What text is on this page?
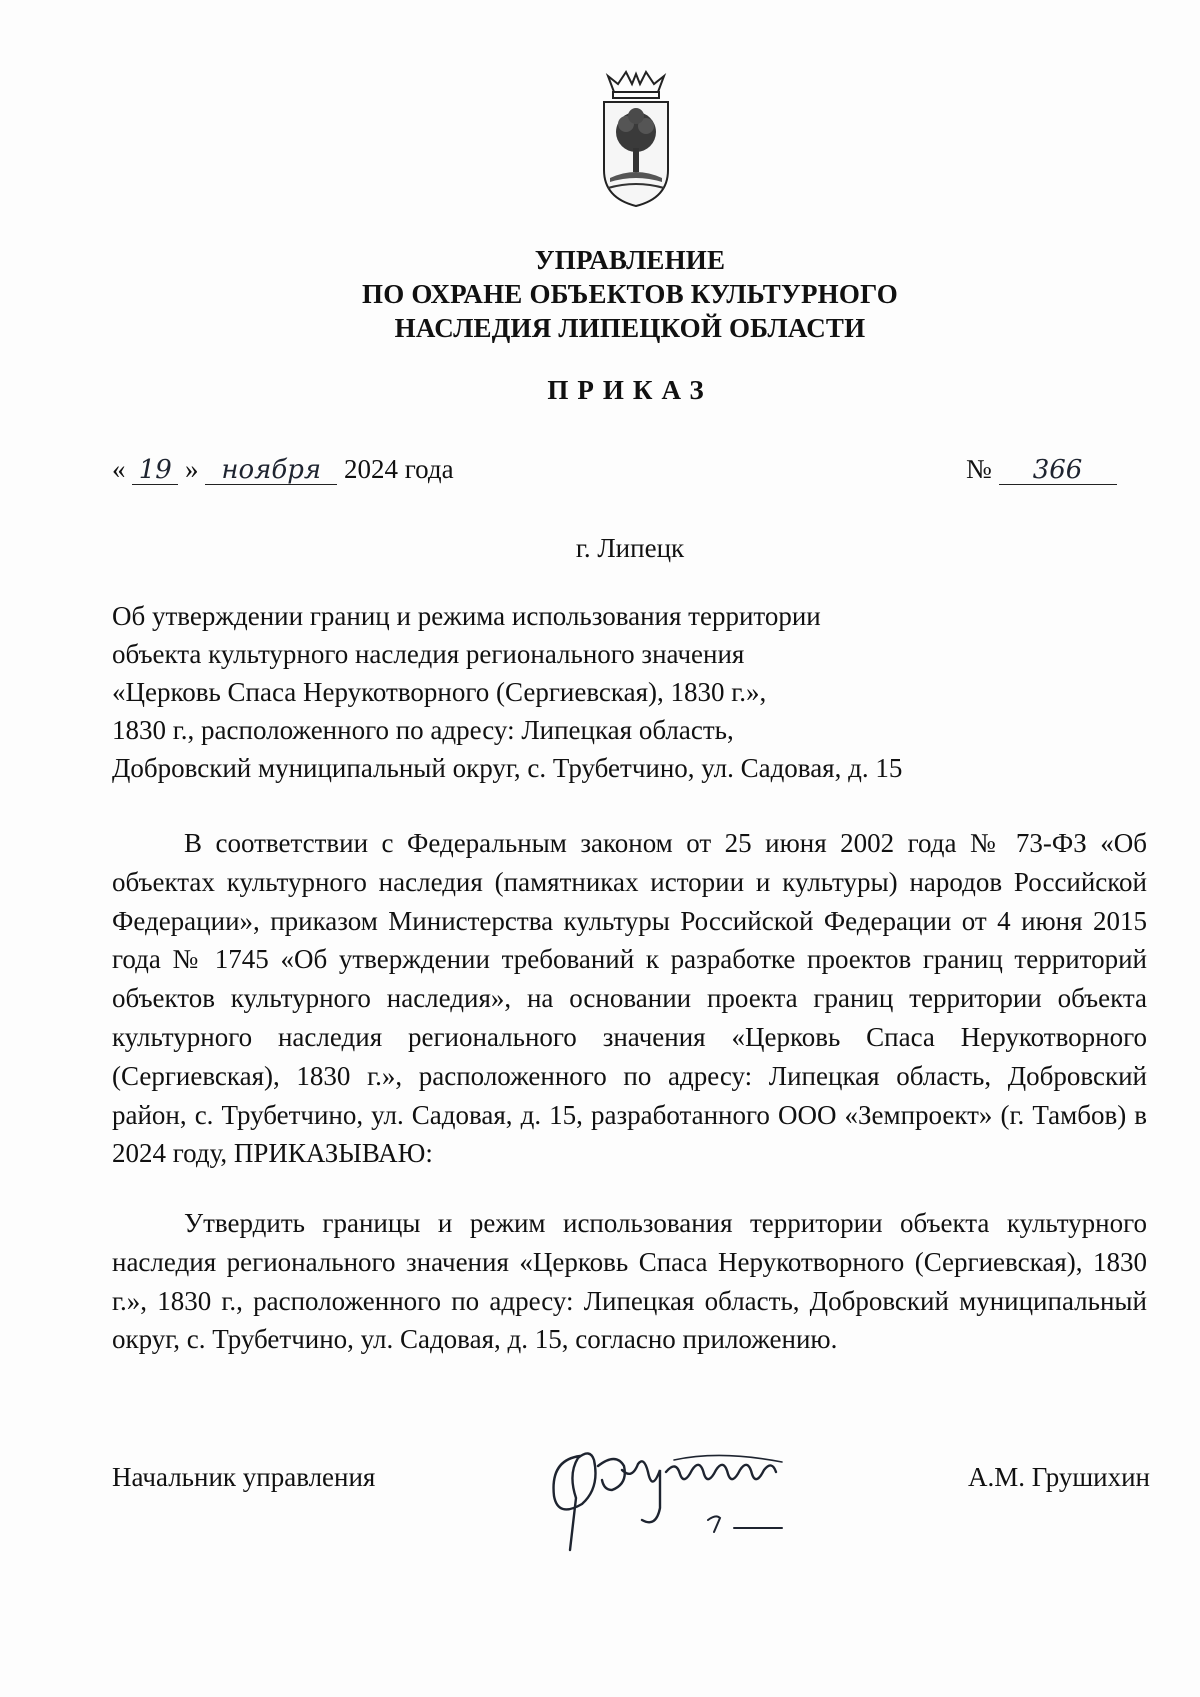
УПРАВЛЕНИЕ
ПО ОХРАНЕ ОБЪЕКТОВ КУЛЬТУРНОГО
НАСЛЕДИЯ ЛИПЕЦКОЙ ОБЛАСТИ
ПРИКАЗ
« 19 » ноября 2024 года	№ 366
г. Липецк
Об утверждении границ и режима использования территории
объекта культурного наследия регионального значения
«Церковь Спаса Нерукотворного (Сергиевская), 1830 г.»,
1830 г., расположенного по адресу: Липецкая область,
Добровский муниципальный округ, с. Трубетчино, ул. Садовая, д. 15

В соответствии с Федеральным законом от 25 июня 2002 года № 73-ФЗ «Об объектах культурного наследия (памятниках истории и культуры) народов Российской Федерации», приказом Министерства культуры Российской Федерации от 4 июня 2015 года № 1745 «Об утверждении требований к разработке проектов границ территорий объектов культурного наследия», на основании проекта границ территории объекта культурного наследия регионального значения «Церковь Спаса Нерукотворного (Сергиевская), 1830 г.», расположенного по адресу: Липецкая область, Добровский район, с. Трубетчино, ул. Садовая, д. 15, разработанного ООО «Земпроект» (г. Тамбов) в 2024 году, ПРИКАЗЫВАЮ:

Утвердить границы и режим использования территории объекта культурного наследия регионального значения «Церковь Спаса Нерукотворного (Сергиевская), 1830 г.», 1830 г., расположенного по адресу: Липецкая область, Добровский муниципальный округ, с. Трубетчино, ул. Садовая, д. 15, согласно приложению.

Начальник управления	А.М. Грушихин
